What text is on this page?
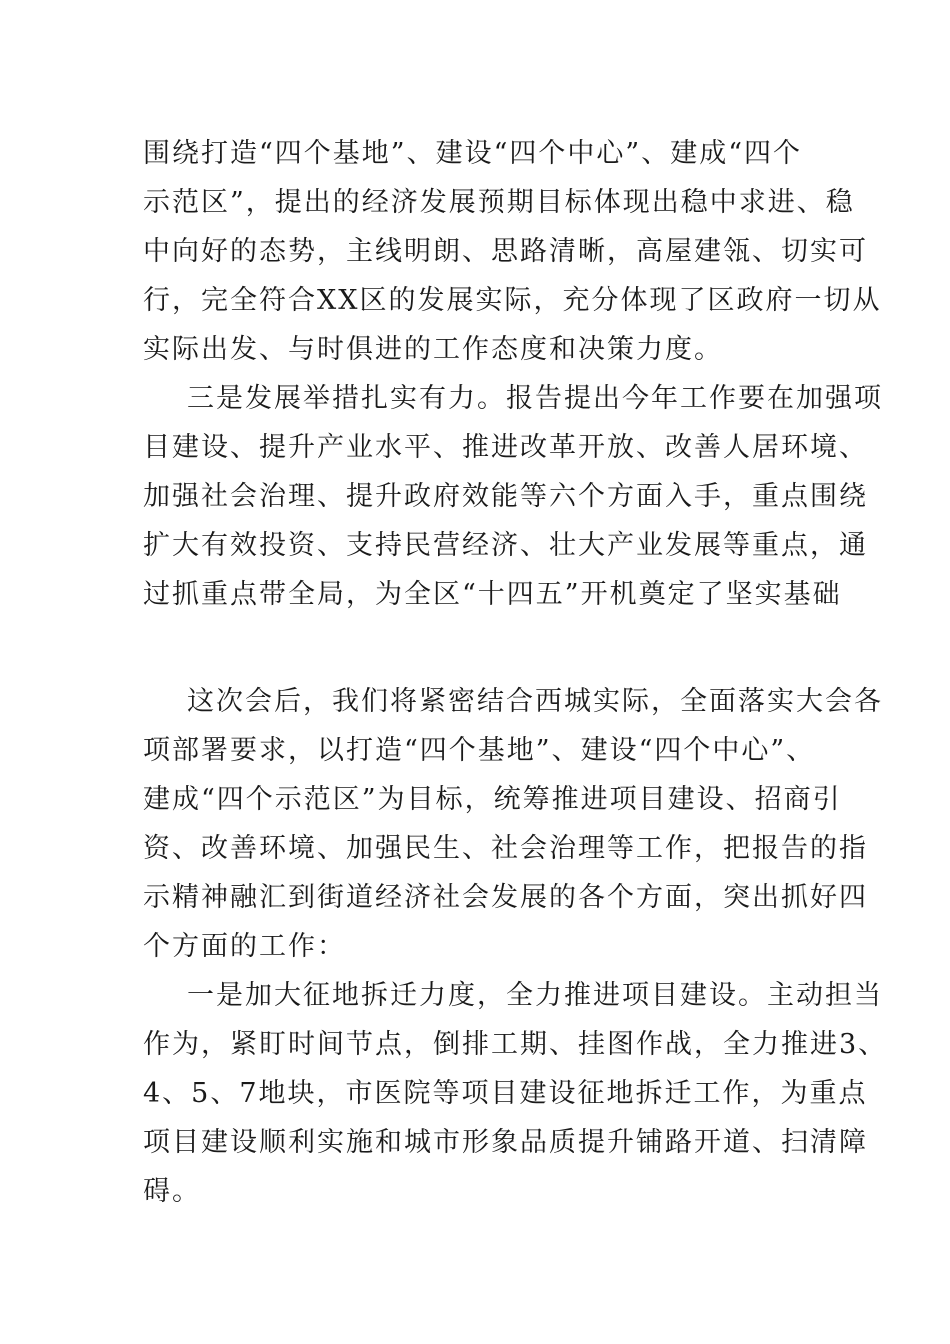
围绕打造“四个基地”、建设“四个中心”、建成“四个
示范区”，提出的经济发展预期目标体现出稳中求进、稳
中向好的态势，主线明朗、思路清晰，高屋建瓴、切实可
行，完全符合XX区的发展实际，充分体现了区政府一切从
实际出发、与时俱进的工作态度和决策力度。
三是发展举措扎实有力。报告提出今年工作要在加强项
目建设、提升产业水平、推进改革开放、改善人居环境、
加强社会治理、提升政府效能等六个方面入手，重点围绕
扩大有效投资、支持民营经济、壮大产业发展等重点，通
过抓重点带全局，为全区“十四五”开机奠定了坚实基础
这次会后，我们将紧密结合西城实际，全面落实大会各
项部署要求，以打造“四个基地”、建设“四个中心”、
建成“四个示范区”为目标，统筹推进项目建设、招商引
资、改善环境、加强民生、社会治理等工作，把报告的指
示精神融汇到街道经济社会发展的各个方面，突出抓好四
个方面的工作：
一是加大征地拆迁力度，全力推进项目建设。主动担当
作为，紧盯时间节点，倒排工期、挂图作战，全力推进3、
4、5、7地块，市医院等项目建设征地拆迁工作，为重点
项目建设顺利实施和城市形象品质提升铺路开道、扫清障
碍。
